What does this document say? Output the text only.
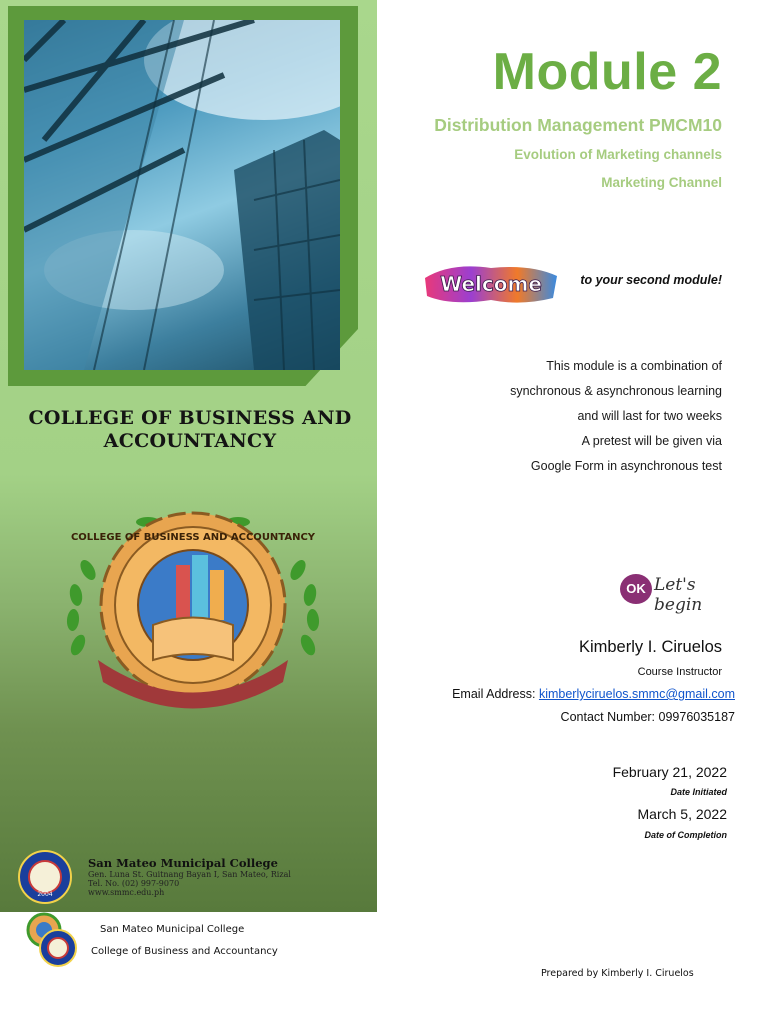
COLLEGE OF BUSINESS AND ACCOUNTANCY
COLLEGE OF BUSINESS AND ACCOUNTANCY
2004
San Mateo Municipal College
Gen. Luna St. Guitnang Bayan I, San Mateo, Rizal
Tel. No. (02) 997-9070
www.smmc.edu.ph
Module 2
Distribution Management PMCM10
Evolution of Marketing channels
Marketing Channel
Welcome	to your second module!
This module is a combination of
synchronous & asynchronous learning
and will last for two weeks
A pretest will be given via
Google Form in asynchronous test
OK Let's begin
Kimberly I. Ciruelos
Course Instructor
Email Address: kimberlyciruelos.smmc@gmail.com
Contact Number: 09976035187
February 21, 2022
Date Initiated
March 5, 2022
Date of Completion
San Mateo Municipal College
College of Business and Accountancy
Prepared by Kimberly I. Ciruelos
